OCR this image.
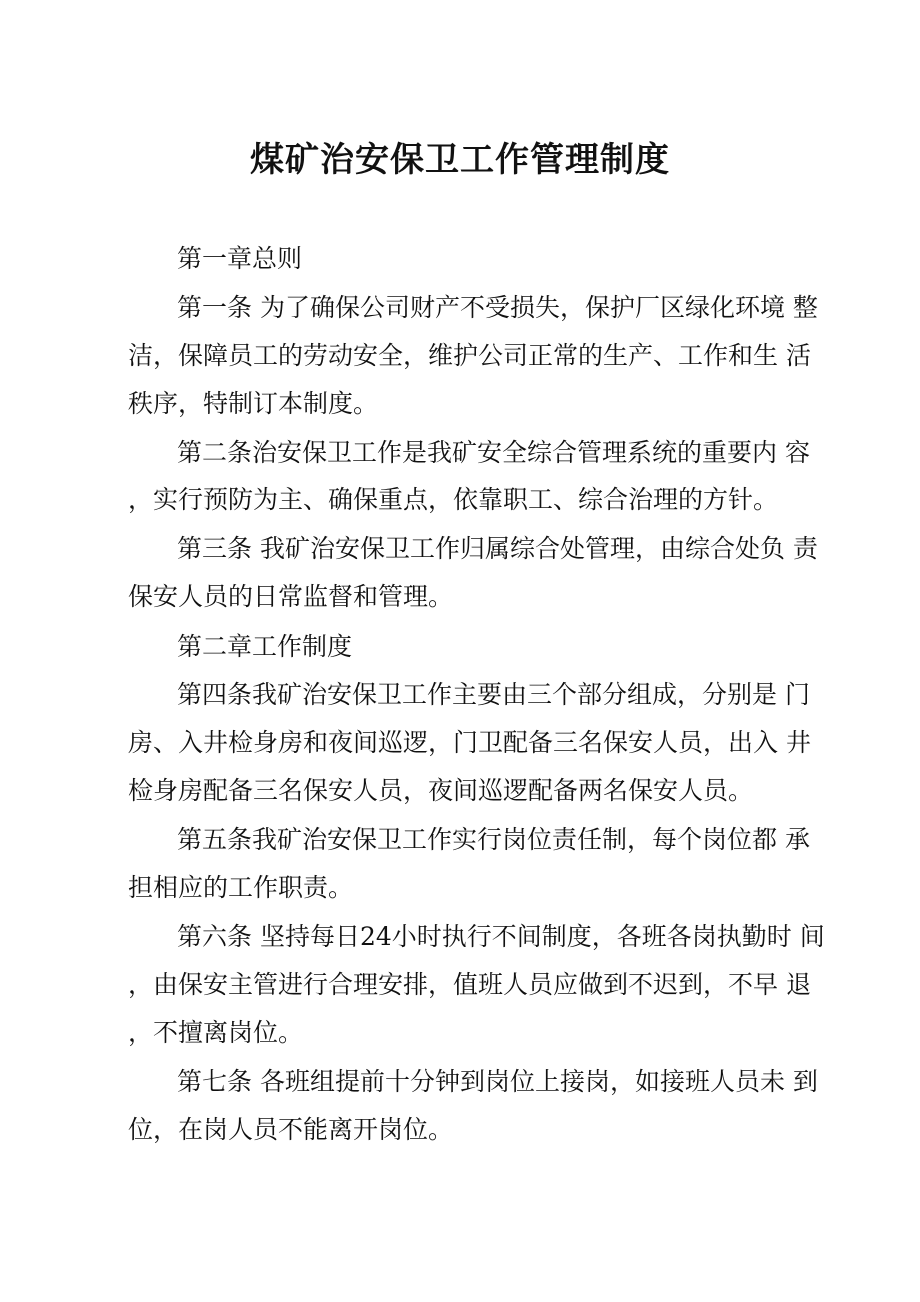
煤矿治安保卫工作管理制度
第一章总则
第一条 为了确保公司财产不受损失，保护厂区绿化环境 整
洁，保障员工的劳动安全，维护公司正常的生产、工作和生 活
秩序，特制订本制度。
第二条治安保卫工作是我矿安全综合管理系统的重要内 容
，实行预防为主、确保重点，依靠职工、综合治理的方针。
第三条 我矿治安保卫工作归属综合处管理，由综合处负 责
保安人员的日常监督和管理。
第二章工作制度
第四条我矿治安保卫工作主要由三个部分组成，分别是 门
房、入井检身房和夜间巡逻，门卫配备三名保安人员，出入 井
检身房配备三名保安人员，夜间巡逻配备两名保安人员。
第五条我矿治安保卫工作实行岗位责任制，每个岗位都 承
担相应的工作职责。
第六条 坚持每日24小时执行不间制度，各班各岗执勤时 间
，由保安主管进行合理安排，值班人员应做到不迟到，不早 退
，不擅离岗位。
第七条 各班组提前十分钟到岗位上接岗，如接班人员未 到
位，在岗人员不能离开岗位。
